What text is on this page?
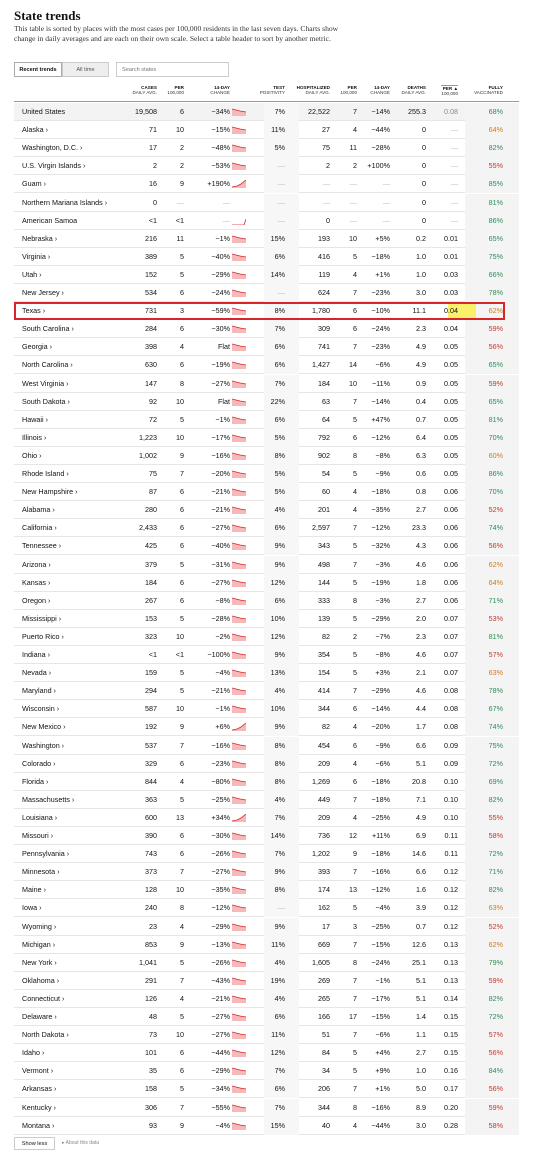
State trends
This table is sorted by places with the most cases per 100,000 residents in the last seven days. Charts show change in daily averages and are each on their own scale. Select a table header to sort by another metric.
Recent trends	All time
Search states
CASES
DAILY AVG.
PER
100,000
14-DAY
CHANGE
TEST
POSITIVITY
HOSPITALIZED
DAILY AVG.
PER
100,000
14-DAY
CHANGE
DEATHS
DAILY AVG.
PER ▲
100,000
FULLY
VACCINATED
United States	19,508	6	−34%	7%	22,522	7 −14%	255.3	0.08	68%
Alaska ›	71	10	−15%	11%	27	4 −44%	0	—	64%
Washington, D.C. ›	17	2	−48%	5%	75	11 −28%	0	—	82%
U.S. Virgin Islands ›	2	2	−53%	—	2	2 +100%	0	—	55%
Guam ›	16	9	+190%	—	—	—	—	0	—	85%
Northern Mariana Islands ›	0	—	—	—	—	—	—	0	—	81%
American Samoa	<1	<1	—	—	0	—	—	0	—	86%
Nebraska ›	216	11	−1%	15%	193	10	+5%	0.2	0.01	65%
Virginia ›	389	5	−40%	6%	416	5 −18%	1.0	0.01	75%
Utah ›	152	5	−29%	14%	119	4	+1%	1.0	0.03	66%
New Jersey ›	534	6	−24%	—	624	7 −23%	3.0	0.03	78%
Texas ›	731	3	−59%	8%	1,780	6 −10%	11.1	0.04	62%
South Carolina ›	284	6	−30%	7%	309	6 −24%	2.3	0.04	59%
Georgia ›	398	4	Flat	6%	741	7 −23%	4.9	0.05	56%
North Carolina ›	630	6	−19%	6%	1,427	14	−6%	4.9	0.05	65%
West Virginia ›	147	8	−27%	7%	184	10 −11%	0.9	0.05	59%
South Dakota ›	92	10	Flat	22%	63	7 −14%	0.4	0.05	65%
Hawaii ›	72	5	−1%	6%	64	5 +47%	0.7	0.05	81%
Illinois ›	1,223	10	−17%	5%	792	6 −12%	6.4	0.05	70%
Ohio ›	1,002	9	−16%	8%	902	8	−8%	6.3	0.05	60%
Rhode Island ›	75	7	−20%	5%	54	5	−9%	0.6	0.05	86%
New Hampshire ›	87	6	−21%	5%	60	4 −18%	0.8	0.06	70%
Alabama ›	280	6	−21%	4%	201	4 −35%	2.7	0.06	52%
California ›	2,433	6	−27%	6%	2,597	7 −12%	23.3	0.06	74%
Tennessee ›	425	6	−40%	9%	343	5 −32%	4.3	0.06	56%
Arizona ›	379	5	−31%	9%	498	7	−3%	4.6	0.06	62%
Kansas ›	184	6	−27%	12%	144	5 −19%	1.8	0.06	64%
Oregon ›	267	6	−8%	6%	333	8	−3%	2.7	0.06	71%
Mississippi ›	153	5	−28%	10%	139	5 −29%	2.0	0.07	53%
Puerto Rico ›	323	10	−2%	12%	82	2	−7%	2.3	0.07	81%
Indiana ›	<1	<1	−100%	9%	354	5	−8%	4.6	0.07	57%
Nevada ›	159	5	−4%	13%	154	5	+3%	2.1	0.07	63%
Maryland ›	294	5	−21%	4%	414	7 −29%	4.6	0.08	78%
Wisconsin ›	587	10	−1%	10%	344	6 −14%	4.4	0.08	67%
New Mexico ›	192	9	+6%	9%	82	4 −20%	1.7	0.08	74%
Washington ›	537	7	−16%	8%	454	6	−9%	6.6	0.09	75%
Colorado ›	329	6	−23%	8%	209	4	−6%	5.1	0.09	72%
Florida ›	844	4	−80%	8%	1,269	6 −18%	20.8	0.10	69%
Massachusetts ›	363	5	−25%	4%	449	7 −18%	7.1	0.10	82%
Louisiana ›	600	13	+34%	7%	209	4 −25%	4.9	0.10	55%
Missouri ›	390	6	−30%	14%	736	12 +11%	6.9	0.11	58%
Pennsylvania ›	743	6	−26%	7%	1,202	9 −18%	14.6	0.11	72%
Minnesota ›	373	7	−27%	9%	393	7 −16%	6.6	0.12	71%
Maine ›	128	10	−35%	8%	174	13 −12%	1.6	0.12	82%
Iowa ›	240	8	−12%	—	162	5	−4%	3.9	0.12	63%
Wyoming ›	23	4	−29%	9%	17	3 −25%	0.7	0.12	52%
Michigan ›	853	9	−13%	11%	669	7 −15%	12.6	0.13	62%
New York ›	1,041	5	−26%	4%	1,605	8 −24%	25.1	0.13	79%
Oklahoma ›	291	7	−43%	19%	269	7	−1%	5.1	0.13	59%
Connecticut ›	126	4	−21%	4%	265	7 −17%	5.1	0.14	82%
Delaware ›	48	5	−27%	6%	166	17 −15%	1.4	0.15	72%
North Dakota ›	73	10	−27%	11%	51	7	−6%	1.1	0.15	57%
Idaho ›	101	6	−44%	12%	84	5	+4%	2.7	0.15	56%
Vermont ›	35	6	−29%	7%	34	5	+9%	1.0	0.16	84%
Arkansas ›	158	5	−34%	6%	206	7	+1%	5.0	0.17	56%
Kentucky ›	306	7	−55%	7%	344	8 −16%	8.9	0.20	59%
Montana ›	93	9	−4%	15%	40	4 −44%	3.0	0.28	58%
Show less	▸ About this data
